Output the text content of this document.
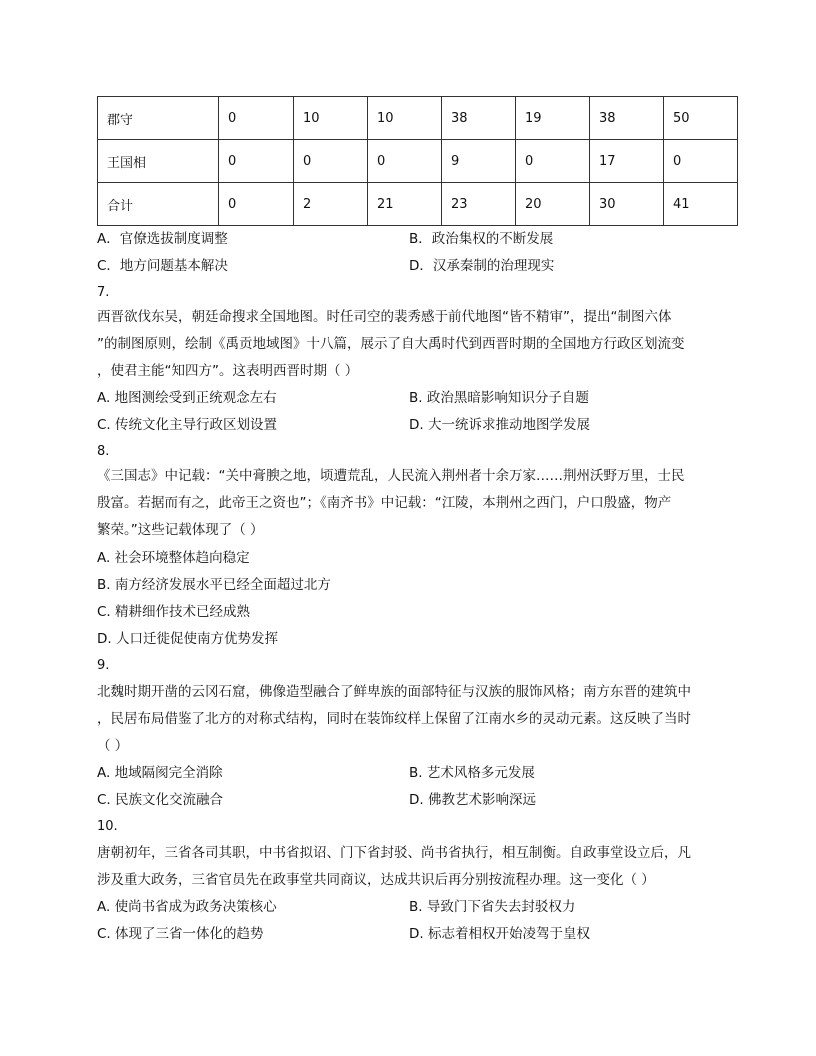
郡守	0	10	10	38	19	38	50
王国相	0	0	0	9	0	17	0
合计	0	2	21	23	20	30	41
A．官僚选拔制度调整	B．政治集权的不断发展
C．地方问题基本解决	D．汉承秦制的治理现实
7.
西晋欲伐东吴，朝廷命搜求全国地图。时任司空的裴秀感于前代地图“皆不精审”，提出“制图六体
”的制图原则，绘制《禹贡地域图》十八篇，展示了自大禹时代到西晋时期的全国地方行政区划流变
，使君主能“知四方”。这表明西晋时期（ ）
A. 地图测绘受到正统观念左右	B. 政治黑暗影响知识分子自题
C. 传统文化主导行政区划设置	D. 大一统诉求推动地图学发展
8.
《三国志》中记载：“关中膏腴之地，顷遭荒乱，人民流入荆州者十余万家……荆州沃野万里，士民
殷富。若据而有之，此帝王之资也”；《南齐书》中记载：“江陵，本荆州之西门，户口殷盛，物产
繁荣。”这些记载体现了（ ）
A. 社会环境整体趋向稳定
B. 南方经济发展水平已经全面超过北方
C. 精耕细作技术已经成熟
D. 人口迁徙促使南方优势发挥
9.
北魏时期开凿的云冈石窟，佛像造型融合了鲜卑族的面部特征与汉族的服饰风格；南方东晋的建筑中
，民居布局借鉴了北方的对称式结构，同时在装饰纹样上保留了江南水乡的灵动元素。这反映了当时
（ ）
A. 地域隔阂完全消除	B. 艺术风格多元发展
C. 民族文化交流融合	D. 佛教艺术影响深远
10.
唐朝初年，三省各司其职，中书省拟诏、门下省封驳、尚书省执行，相互制衡。自政事堂设立后，凡
涉及重大政务，三省官员先在政事堂共同商议，达成共识后再分别按流程办理。这一变化（ ）
A. 使尚书省成为政务决策核心	B. 导致门下省失去封驳权力
C. 体现了三省一体化的趋势	D. 标志着相权开始凌驾于皇权
